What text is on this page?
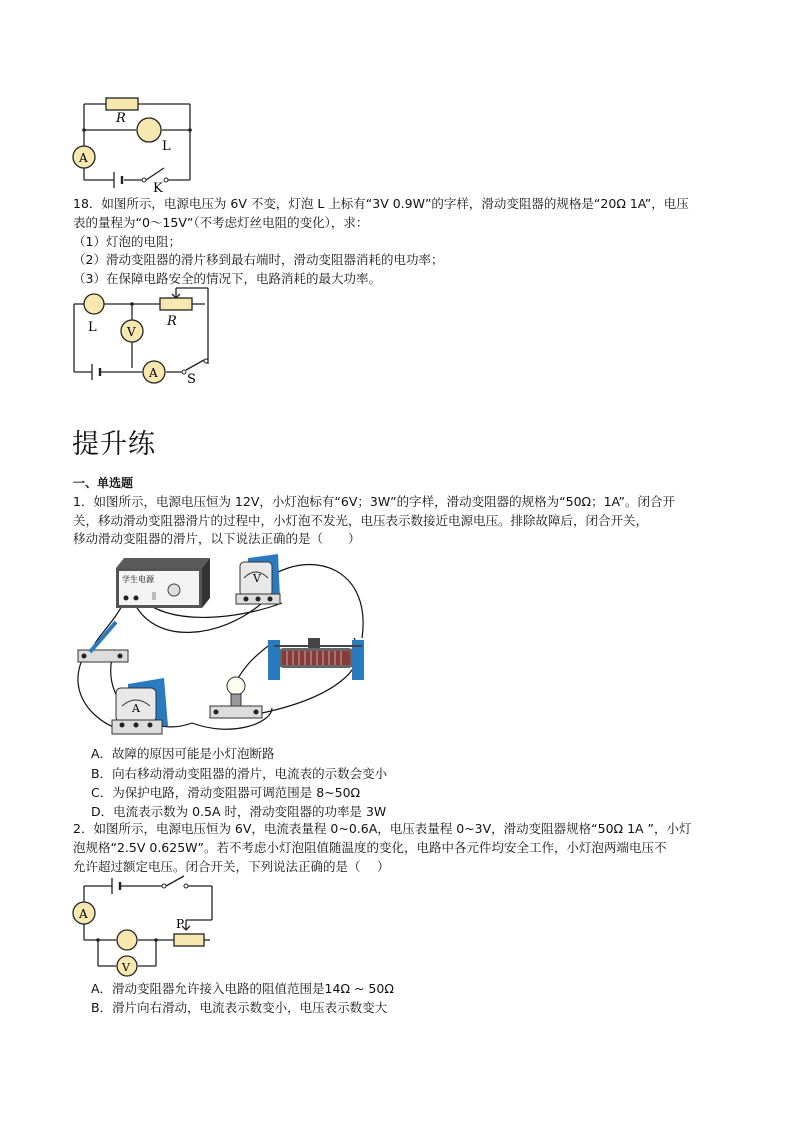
R
L
A
K
18．如图所示，电源电压为 6V 不变，灯泡 L 上标有“3V 0.9W”的字样，滑动变阻器的规格是“20Ω 1A”，电压
表的量程为“0～15V”（不考虑灯丝电阻的变化），求：
（1）灯泡的电阻；
（2）滑动变阻器的滑片移到最右端时，滑动变阻器消耗的电功率；
（3）在保障电路安全的情况下，电路消耗的最大功率。
L	V
R
A S
提升练
一、单选题
1．如图所示，电源电压恒为 12V，小灯泡标有“6V；3W”的字样，滑动变阻器的规格为“50Ω；1A”。闭合开
关，移动滑动变阻器滑片的过程中，小灯泡不发光，电压表示数接近电源电压。排除故障后，闭合开关，
移动滑动变阻器的滑片，以下说法正确的是（　　）
学生电源	V
A
A．故障的原因可能是小灯泡断路
B．向右移动滑动变阻器的滑片，电流表的示数会变小
C．为保护电路，滑动变阻器可调范围是 8~50Ω
D．电流表示数为 0.5A 时，滑动变阻器的功率是 3W
2．如图所示，电源电压恒为 6V，电流表量程 0~0.6A，电压表量程 0~3V，滑动变阻器规格“50Ω 1A ”，小灯
泡规格“2.5V 0.625W”。若不考虑小灯泡阻值随温度的变化，电路中各元件均安全工作，小灯泡两端电压不
允许超过额定电压。闭合开关，下列说法正确的是（　 ）
A
P
V
A．滑动变阻器允许接入电路的阻值范围是14Ω ~ 50Ω
B．滑片向右滑动，电流表示数变小，电压表示数变大
